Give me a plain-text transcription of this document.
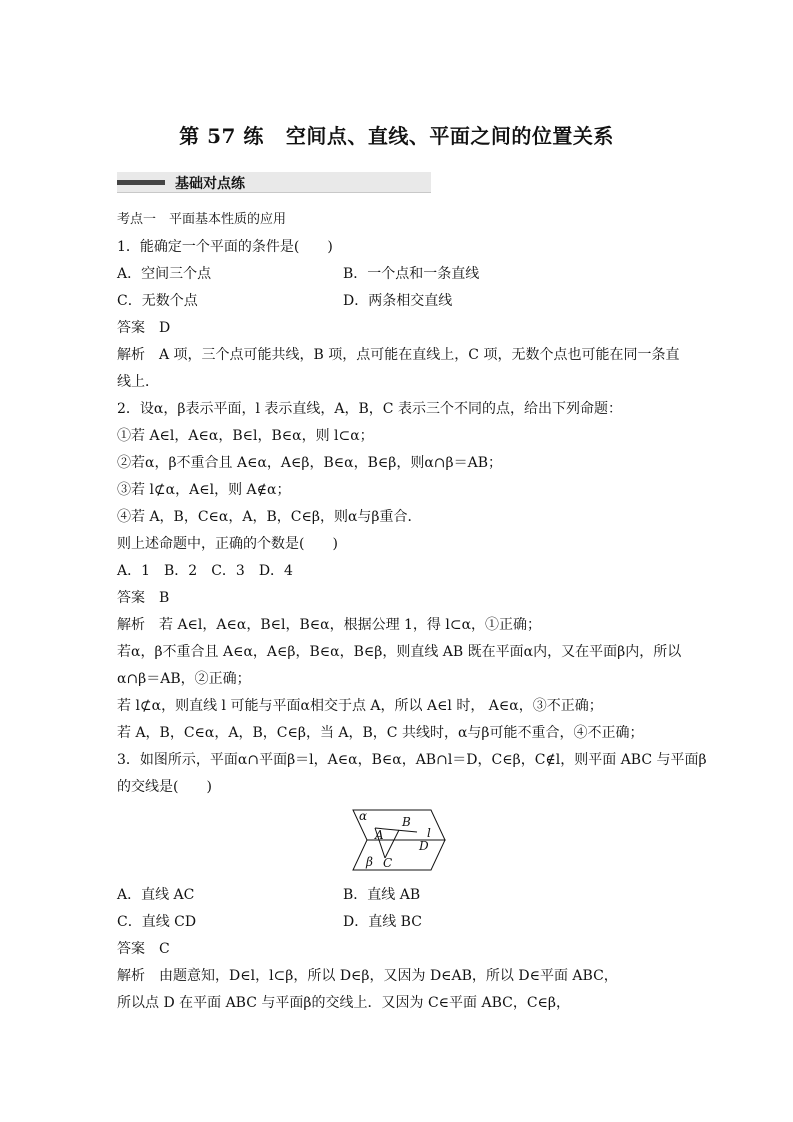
第 57 练 空间点、直线、平面之间的位置关系
基础对点练
考点一　平面基本性质的应用
1．能确定一个平面的条件是(　　)
A．空间三个点	B．一个点和一条直线
C．无数个点	D．两条相交直线
答案　D
解析　A 项，三个点可能共线，B 项，点可能在直线上，C 项，无数个点也可能在同一条直
线上．
2．设α，β表示平面，l 表示直线，A，B，C 表示三个不同的点，给出下列命题：
①若 A∈l，A∈α，B∈l，B∈α，则 l⊂α；
②若α，β不重合且 A∈α，A∈β，B∈α，B∈β，则α∩β＝AB；
③若 l⊄α，A∈l，则 A∉α；
④若 A，B，C∈α，A，B，C∈β，则α与β重合．
则上述命题中，正确的个数是(　　)
A．1　B．2　C．3　D．4
答案　B
解析　若 A∈l，A∈α，B∈l，B∈α，根据公理 1，得 l⊂α，①正确；
若α，β不重合且 A∈α，A∈β，B∈α，B∈β，则直线 AB 既在平面α内，又在平面β内，所以
α∩β＝AB，②正确；
若 l⊄α，则直线 l 可能与平面α相交于点 A，所以 A∈l 时， A∈α，③不正确；
若 A，B，C∈α，A，B，C∈β，当 A，B，C 共线时，α与β可能不重合，④不正确；
3．如图所示，平面α∩平面β＝l，A∈α，B∈α，AB∩l＝D，C∈β，C∉l，则平面 ABC 与平面β
的交线是(　　)
α
A
B
l
D
β C
A．直线 AC	B．直线 AB
C．直线 CD	D．直线 BC
答案　C
解析　由题意知，D∈l，l⊂β，所以 D∈β，又因为 D∈AB，所以 D∈平面 ABC，
所以点 D 在平面 ABC 与平面β的交线上．又因为 C∈平面 ABC，C∈β，
